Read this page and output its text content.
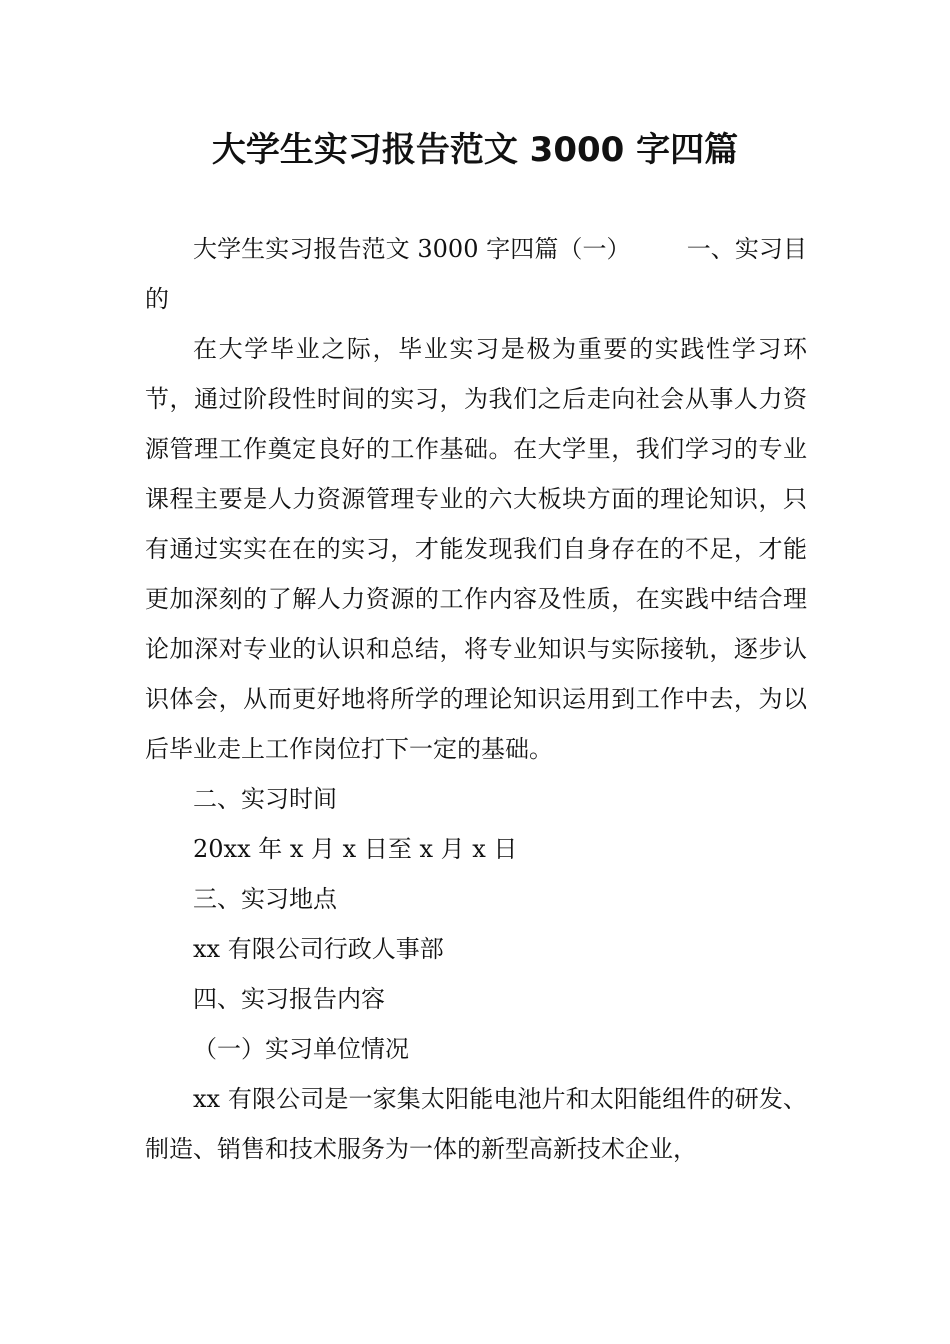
大学生实习报告范文 3000 字四篇

大学生实习报告范文 3000 字四篇（一） 一、实习目的

在大学毕业之际，毕业实习是极为重要的实践性学习环节，通过阶段性时间的实习，为我们之后走向社会从事人力资源管理工作奠定良好的工作基础。在大学里，我们学习的专业课程主要是人力资源管理专业的六大板块方面的理论知识，只有通过实实在在的实习，才能发现我们自身存在的不足，才能更加深刻的了解人力资源的工作内容及性质，在实践中结合理论加深对专业的认识和总结，将专业知识与实际接轨，逐步认识体会，从而更好地将所学的理论知识运用到工作中去，为以后毕业走上工作岗位打下一定的基础。

二、实习时间

20xx 年 x 月 x 日至 x 月 x 日

三、实习地点

xx 有限公司行政人事部

四、实习报告内容

（一）实习单位情况

xx 有限公司是一家集太阳能电池片和太阳能组件的研发、制造、销售和技术服务为一体的新型高新技术企业，
